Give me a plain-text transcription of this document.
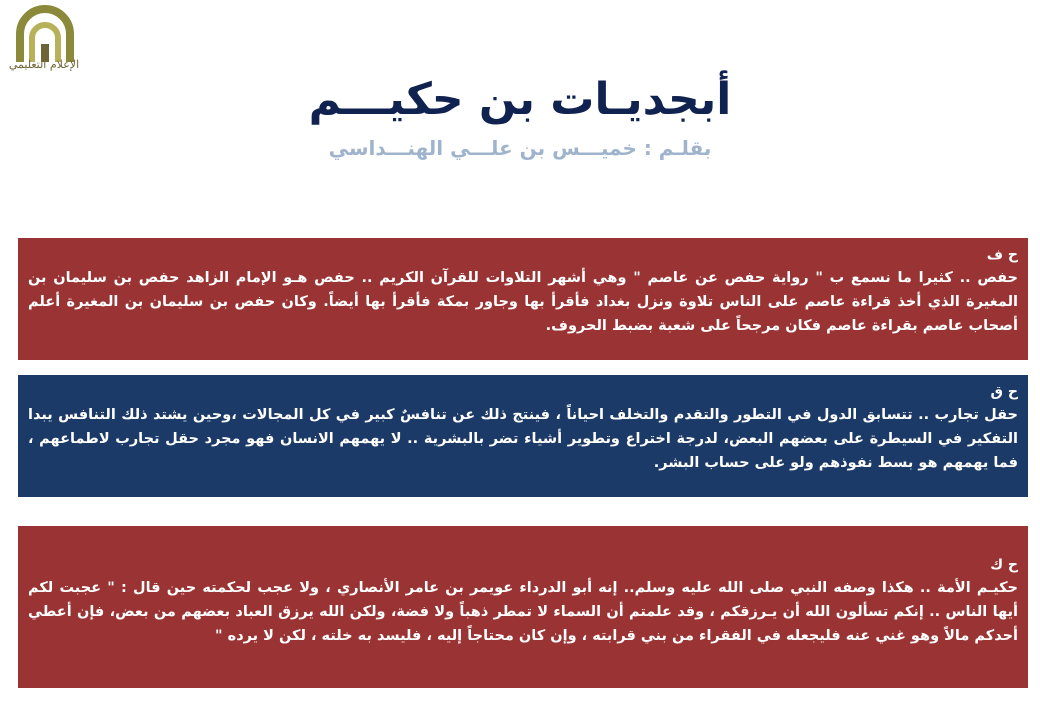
الإعلام التعليمي
أبجديـات بن حكيـــم
بقلـم : خميـــس بن علـــي الهنـــداسي
ح ف
حفص .. كثيرا ما نسمع ب " رواية حفص عن عاصم " وهي أشهر التلاوات للقرآن الكريم .. حفص هـو الإمام الزاهد حفص بن سليمان بن المغيرة الذي أخذ قراءة عاصم على الناس تلاوة ونزل بغداد فأقرأ بها وجاور بمكة فأقرأ بها أيضاً. وكان حفص بن سليمان بن المغيرة أعلم أصحاب عاصم بقراءة عاصم فكان مرجحاً على شعبة بضبط الحروف.
ح ق
حقل تجارب .. تتسابق الدول في التطور والتقدم والتخلف احياناً ، فينتج ذلك عن تنافسٌ كبير في كل المجالات ،وحين يشتد ذلك التنافس يبدا التفكير في السيطرة على بعضهم البعض، لدرجة اختراع وتطوير أشياء تضر بالبشرية .. لا يهمهم الانسان فهو مجرد حقل تجارب لاطماعهم ، فما يهمهم هو بسط نفوذهم ولو على حساب البشر.
ح ك
حكيـم الأمة .. هكذا وصفه النبي صلى الله عليه وسلم.. إنه أبو الدرداء عويمر بن عامر الأنصاري ، ولا عجب لحكمته حين قال : " عجبت لكم أيها الناس .. إنكم تسألون الله أن يـرزقكم ، وقد علمتم أن السماء لا تمطر ذهباً ولا فضة، ولكن الله يرزق العباد بعضهم من بعض، فإن أعطي أحدكم مالاً وهو غني عنه فليجعله في الفقراء من بني قرابته ، وإن كان محتاجاً إليه ، فليسد به خلته ، لكن لا يرده "
